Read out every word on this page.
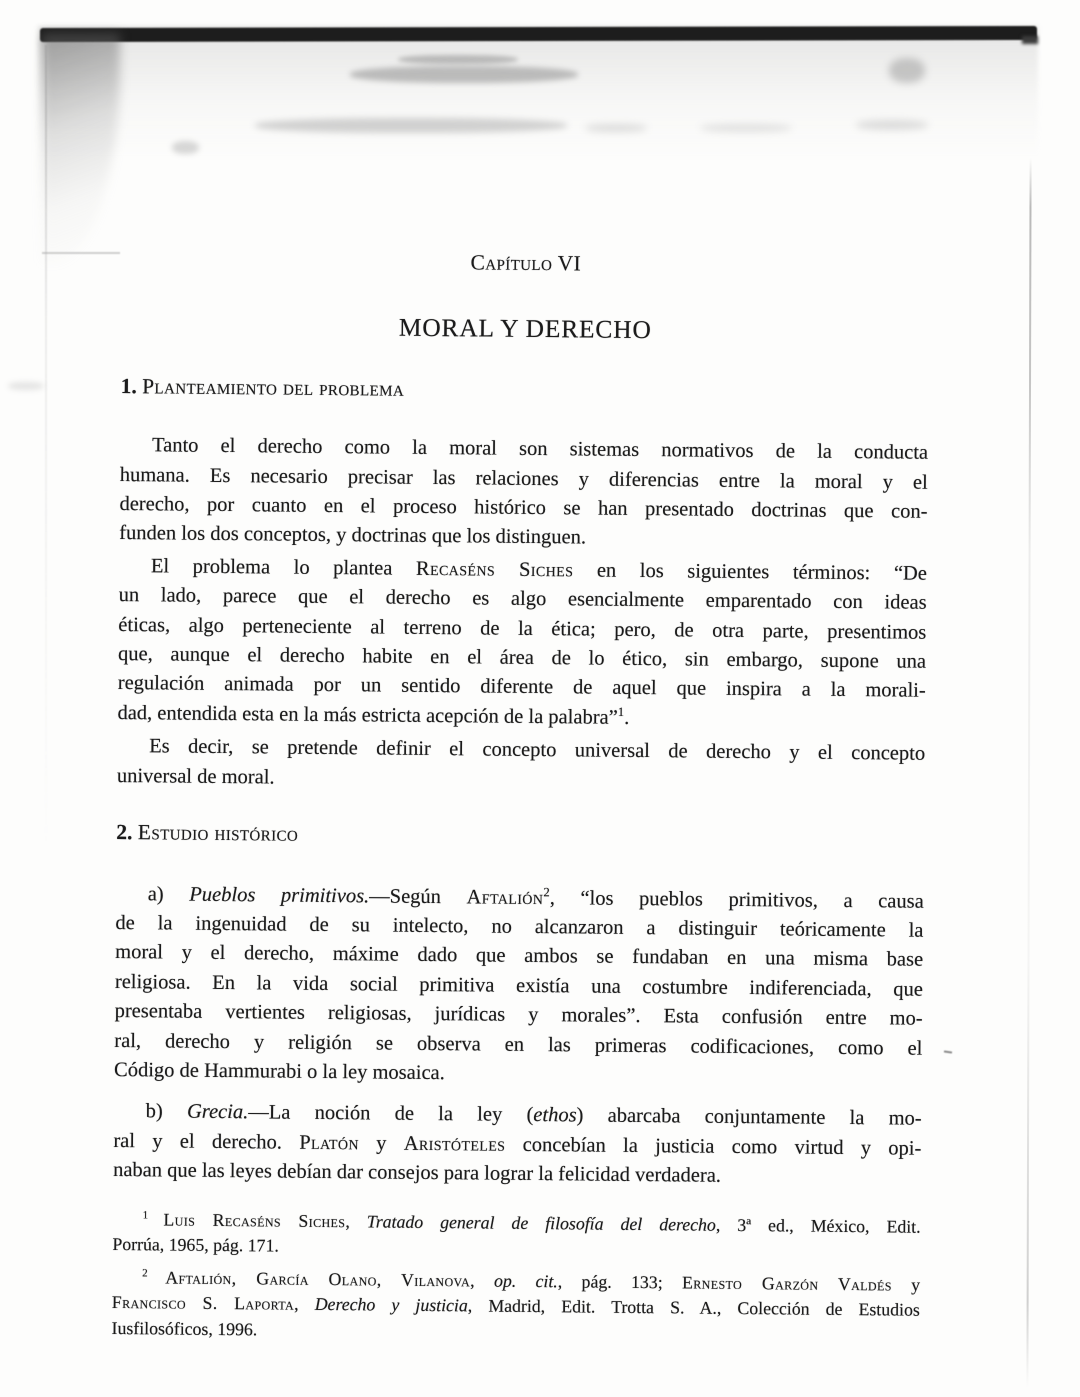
Capítulo VI
MORAL Y DERECHO
1. Planteamiento del problema
Tanto el derecho como la moral son sistemas normativos de la conducta
humana. Es necesario precisar las relaciones y diferencias entre la moral y el
derecho, por cuanto en el proceso histórico se han presentado doctrinas que con-
funden los dos conceptos, y doctrinas que los distinguen.
El problema lo plantea Recaséns Siches en los siguientes términos: “De
un lado, parece que el derecho es algo esencialmente emparentado con ideas
éticas, algo perteneciente al terreno de la ética; pero, de otra parte, presentimos
que, aunque el derecho habite en el área de lo ético, sin embargo, supone una
regulación animada por un sentido diferente de aquel que inspira a la morali-
dad, entendida esta en la más estricta acepción de la palabra”$^1$.
Es decir, se pretende definir el concepto universal de derecho y el concepto
universal de moral.
2. Estudio histórico
a) Pueblos primitivos.—Según Aftalión$^2$, “los pueblos primitivos, a causa
de la ingenuidad de su intelecto, no alcanzaron a distinguir teóricamente la
moral y el derecho, máxime dado que ambos se fundaban en una misma base
religiosa. En la vida social primitiva existía una costumbre indiferenciada, que
presentaba vertientes religiosas, jurídicas y morales”. Esta confusión entre mo-
ral, derecho y religión se observa en las primeras codificaciones, como el
Código de Hammurabi o la ley mosaica.
b) Grecia.—La noción de la ley (ethos) abarcaba conjuntamente la mo-
ral y el derecho. Platón y Aristóteles concebían la justicia como virtud y opi-
naban que las leyes debían dar consejos para lograr la felicidad verdadera.
$^1$ Luis Recaséns Siches, Tratado general de filosofía del derecho, 3ª ed., México, Edit.
Porrúa, 1965, pág. 171.
$^2$ Aftalión, García Olano, Vilanova, op. cit., pág. 133; Ernesto Garzón Valdés y
Francisco S. Laporta, Derecho y justicia, Madrid, Edit. Trotta S. A., Colección de Estudios
Iusfilosóficos, 1996.
